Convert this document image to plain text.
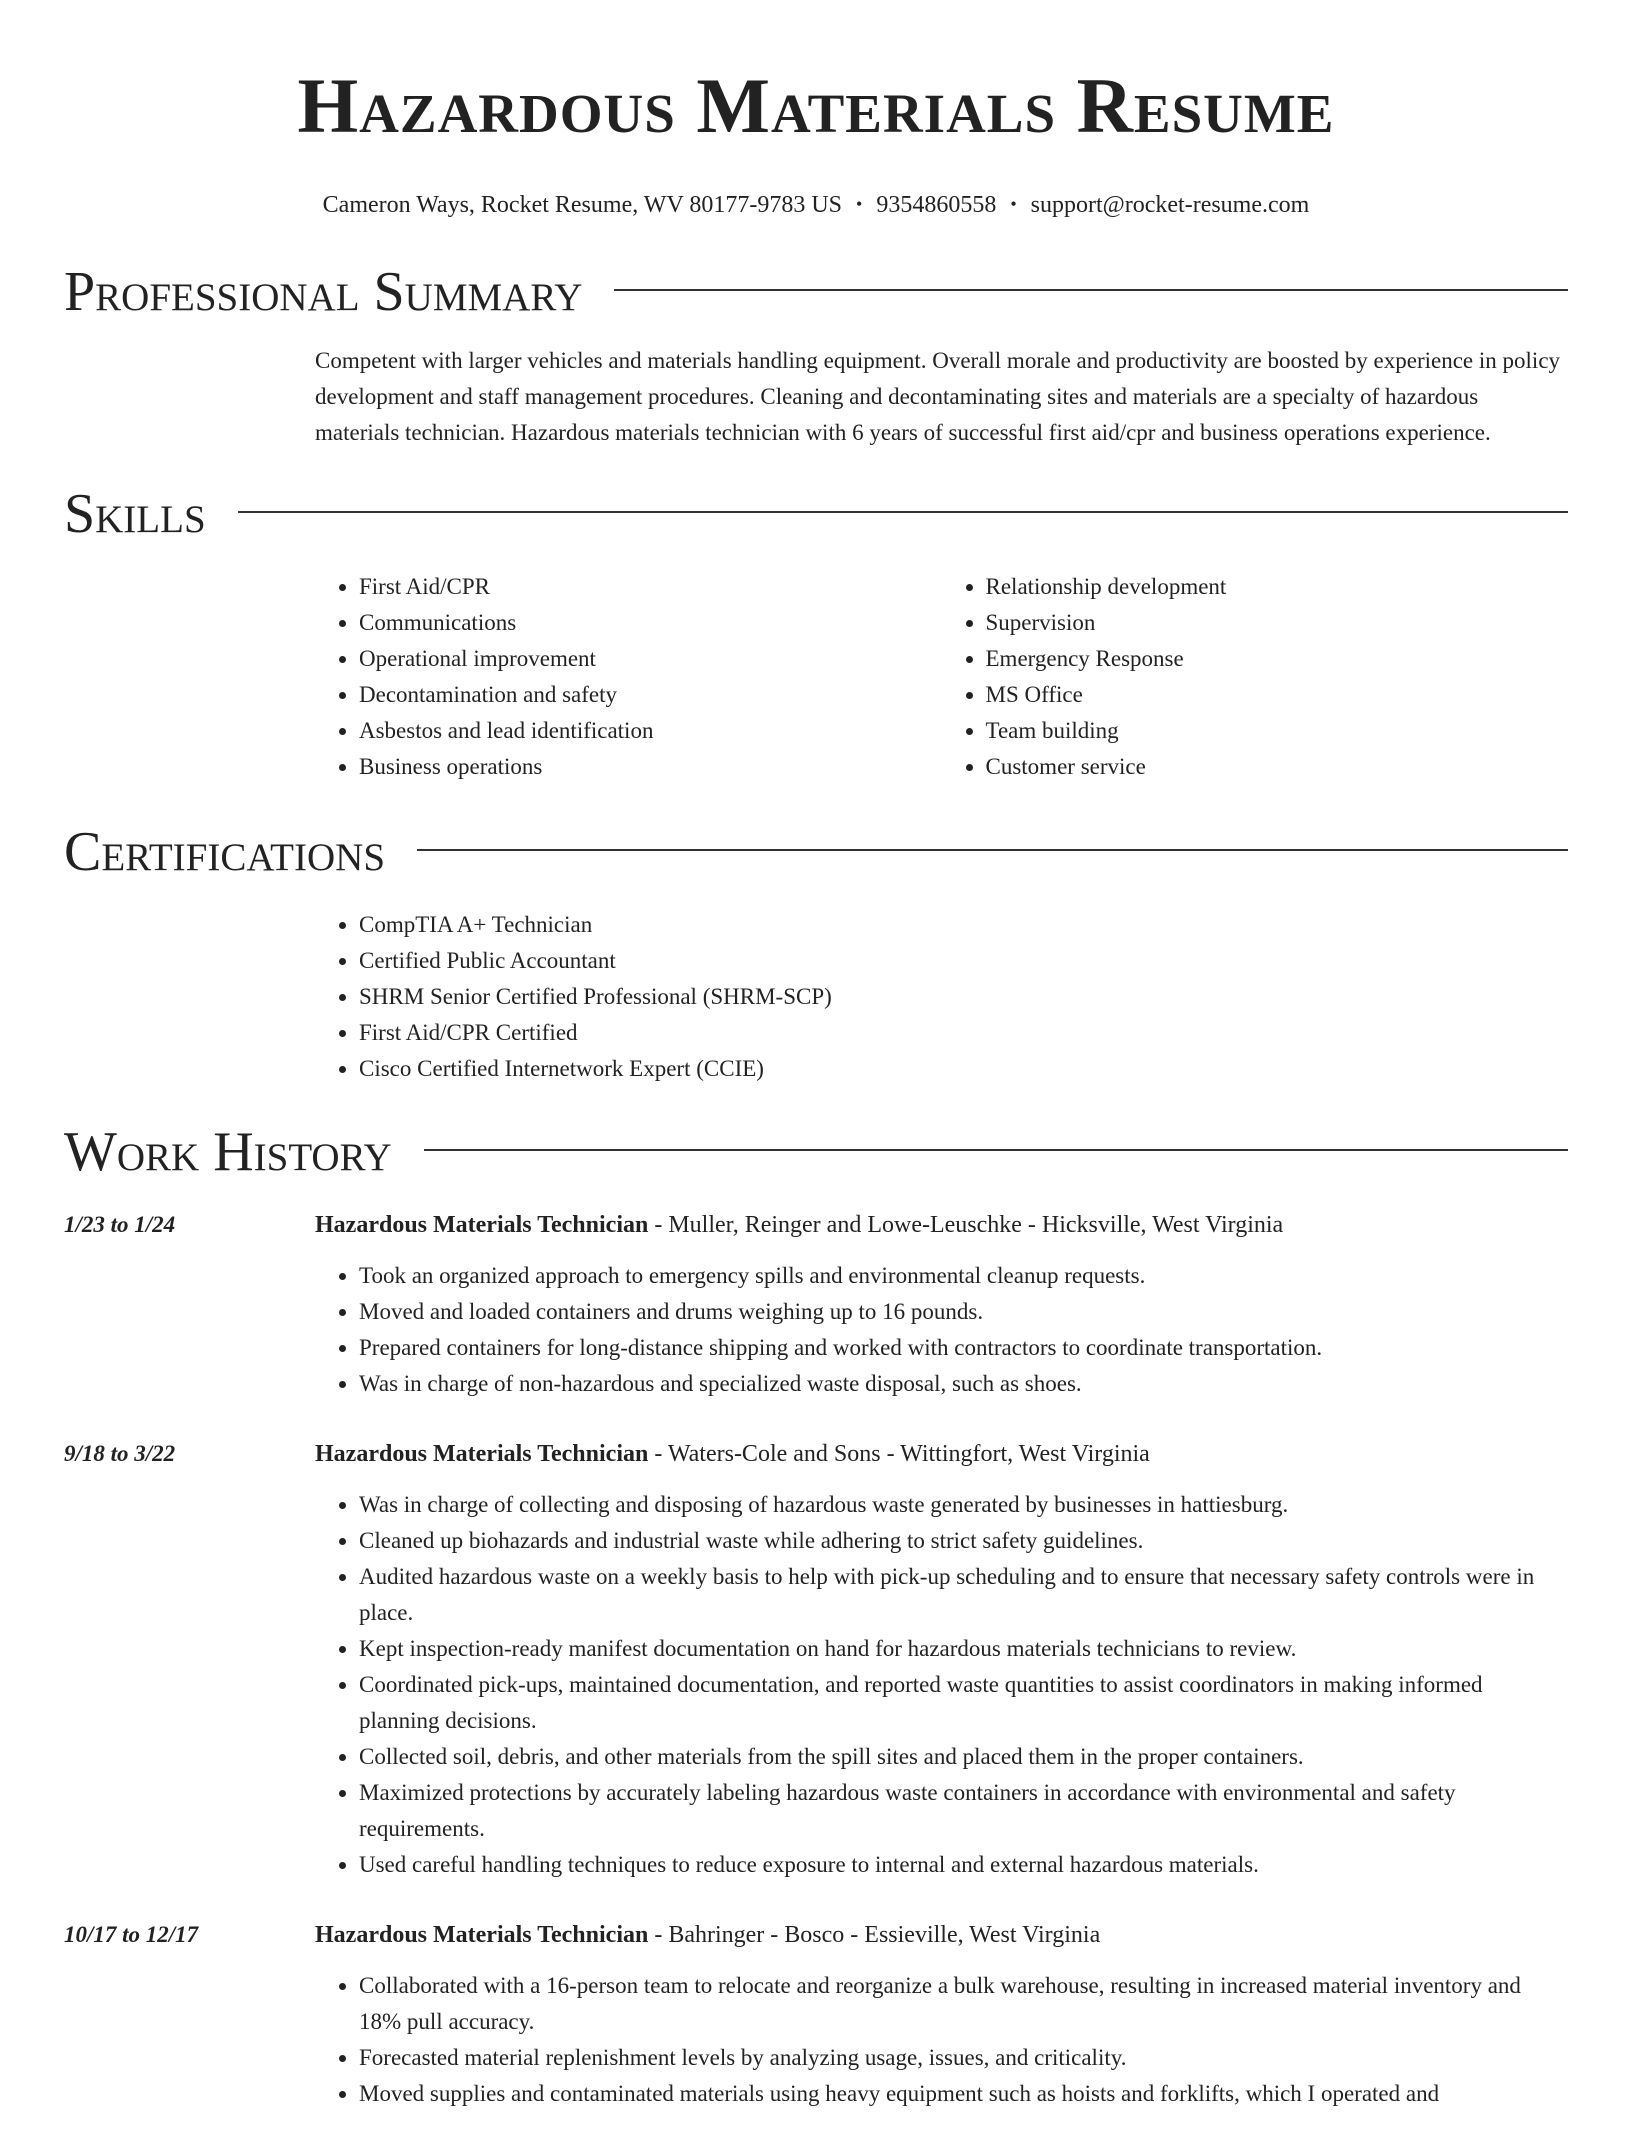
Hazardous Materials Resume
Cameron Ways, Rocket Resume, WV 80177-9783 US • 9354860558 • support@rocket-resume.com
Professional Summary
Competent with larger vehicles and materials handling equipment. Overall morale and productivity are boosted by experience in policy development and staff management procedures. Cleaning and decontaminating sites and materials are a specialty of hazardous materials technician. Hazardous materials technician with 6 years of successful first aid/cpr and business operations experience.
Skills
• First Aid/CPR
• Communications
• Operational improvement
• Decontamination and safety
• Asbestos and lead identification
• Business operations
• Relationship development
• Supervision
• Emergency Response
• MS Office
• Team building
• Customer service
Certifications
• CompTIA A+ Technician
• Certified Public Accountant
• SHRM Senior Certified Professional (SHRM-SCP)
• First Aid/CPR Certified
• Cisco Certified Internetwork Expert (CCIE)
Work History
1/23 to 1/24	Hazardous Materials Technician - Muller, Reinger and Lowe-Leuschke - Hicksville, West Virginia
• Took an organized approach to emergency spills and environmental cleanup requests.
• Moved and loaded containers and drums weighing up to 16 pounds.
• Prepared containers for long-distance shipping and worked with contractors to coordinate transportation.
• Was in charge of non-hazardous and specialized waste disposal, such as shoes.
9/18 to 3/22	Hazardous Materials Technician - Waters-Cole and Sons - Wittingfort, West Virginia
• Was in charge of collecting and disposing of hazardous waste generated by businesses in hattiesburg.
• Cleaned up biohazards and industrial waste while adhering to strict safety guidelines.
• Audited hazardous waste on a weekly basis to help with pick-up scheduling and to ensure that necessary safety controls were in place.
• Kept inspection-ready manifest documentation on hand for hazardous materials technicians to review.
• Coordinated pick-ups, maintained documentation, and reported waste quantities to assist coordinators in making informed planning decisions.
• Collected soil, debris, and other materials from the spill sites and placed them in the proper containers.
• Maximized protections by accurately labeling hazardous waste containers in accordance with environmental and safety requirements.
• Used careful handling techniques to reduce exposure to internal and external hazardous materials.
10/17 to 12/17	Hazardous Materials Technician - Bahringer - Bosco - Essieville, West Virginia
• Collaborated with a 16-person team to relocate and reorganize a bulk warehouse, resulting in increased material inventory and 18% pull accuracy.
• Forecasted material replenishment levels by analyzing usage, issues, and criticality.
• Moved supplies and contaminated materials using heavy equipment such as hoists and forklifts, which I operated and
